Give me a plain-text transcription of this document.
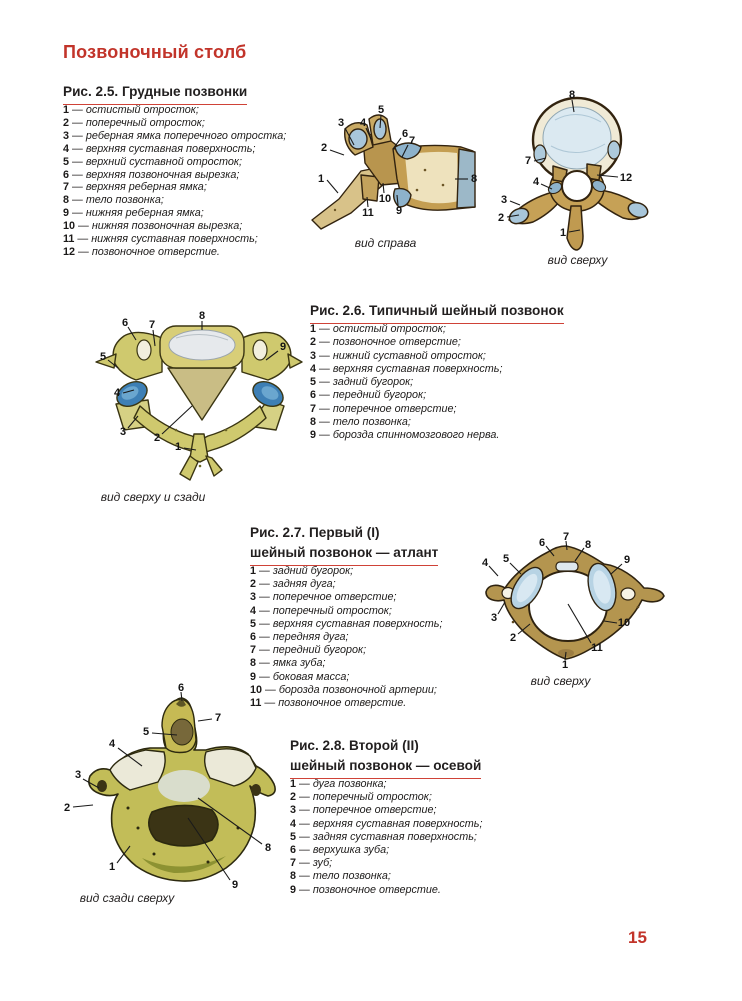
Позвоночный столб
Рис. 2.5. Грудные позвонки
1 — остистый отросток;
2 — поперечный отросток;
3 — реберная ямка поперечного отростка;
4 — верхняя суставная поверхность;
5 — верхний суставной отросток;
6 — верхняя позвоночная вырезка;
7 — верхняя реберная ямка;
8 — тело позвонка;
9 — нижняя реберная ямка;
10 — нижняя позвоночная вырезка;
11 — нижняя суставная поверхность;
12 — позвоночное отверстие.
1
2
3 4
5
6
7
8
9
10
11
вид справа
8
7
12
4
3
2
1
вид сверху
Рис. 2.6. Типичный шейный позвонок
1 — остистый отросток;
2 — позвоночное отверстие;
3 — нижний суставной отросток;
4 — верхняя суставная поверхность;
5 — задний бугорок;
6 — передний бугорок;
7 — поперечное отверстие;
8 — тело позвонка;
9 — борозда спинномозгового нерва.
6 7
8
9
5
4
3	2
1
вид сверху и сзади
Рис. 2.7. Первый (I)
шейный позвонок — атлант
1 — задний бугорок;
2 — задняя дуга;
3 — поперечное отверстие;
4 — поперечный отросток;
5 — верхняя суставная поверхность;
6 — передняя дуга;
7 — передний бугорок;
8 — ямка зуба;
9 — боковая масса;
10 — борозда позвоночной артерии;
11 — позвоночное отверстие.
7
6	8
4 5	9
3
2
10
11
1
вид сверху
Рис. 2.8. Второй (II)
шейный позвонок — осевой
1 — дуга позвонка;
2 — поперечный отросток;
3 — поперечное отверстие;
4 — верхняя суставная поверхность;
5 — задняя суставная поверхность;
6 — верхушка зуба;
7 — зуб;
8 — тело позвонка;
9 — позвоночное отверстие.
6
7
5
4
3
2
1
8
9
вид сзади сверху
15
